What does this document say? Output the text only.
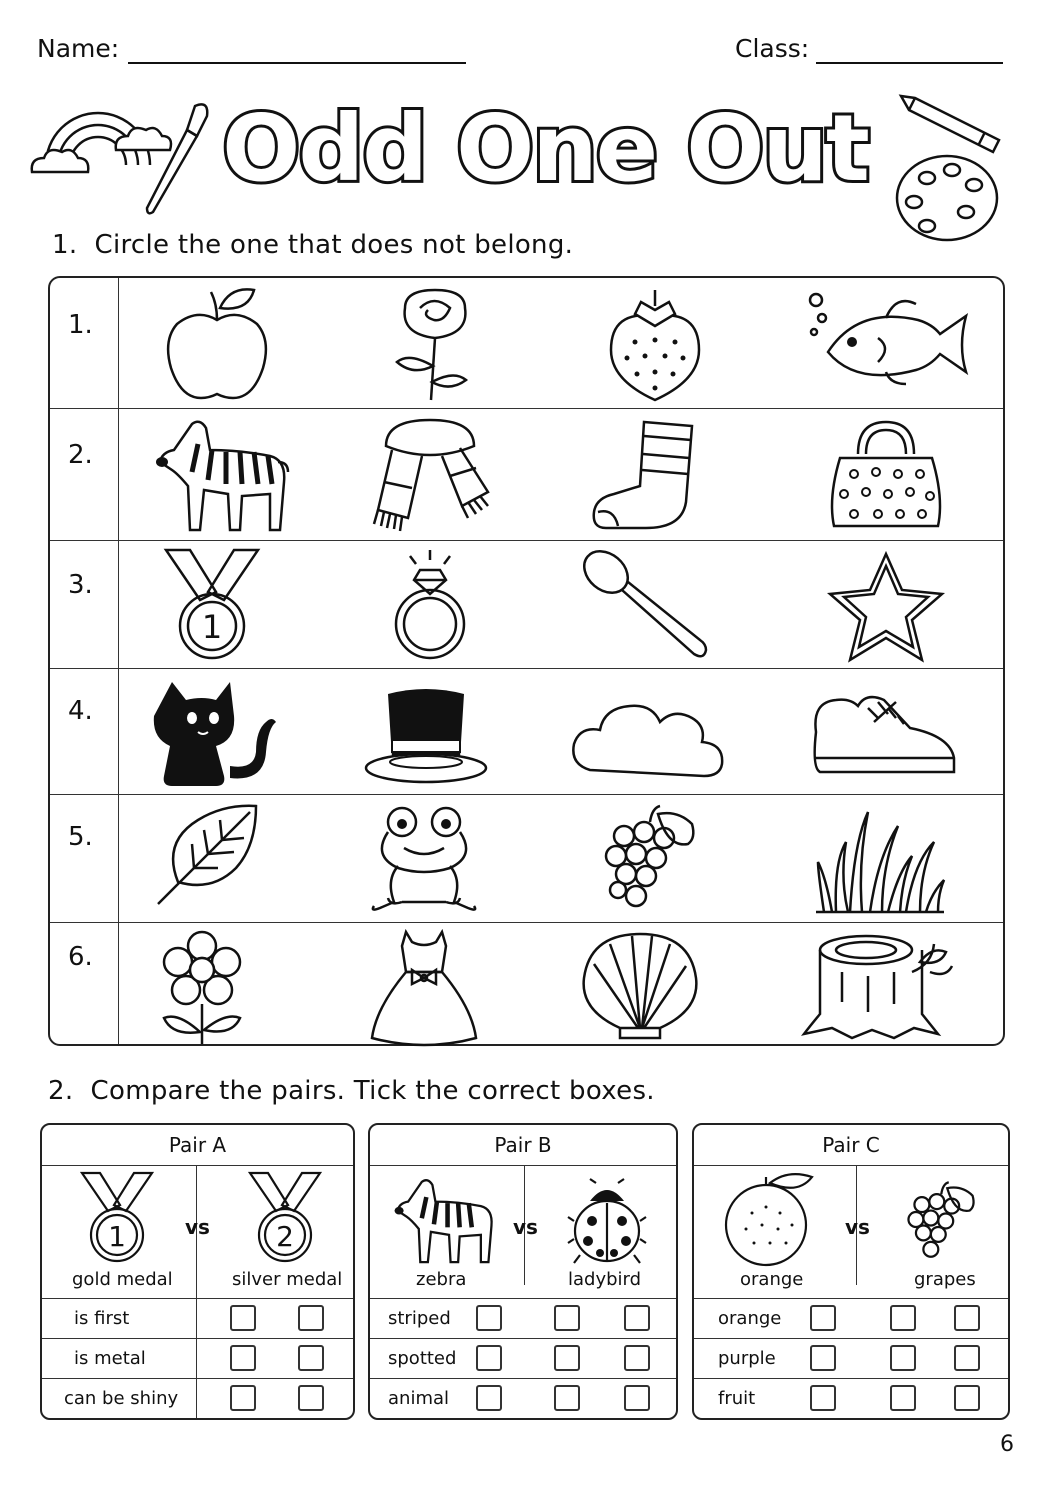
Name:	Class:
Odd One Out
1.  Circle the one that does not belong.
1.
2.
3.
4.
5.
6.
1
2.  Compare the pairs. Tick the correct boxes.
Pair A
1	vs 2
gold medal	silver medal
is first
is metal
can be shiny
Pair B
vs
zebra	ladybird
striped
spotted
animal
Pair C
vs
orange	grapes
orange
purple
fruit
6
